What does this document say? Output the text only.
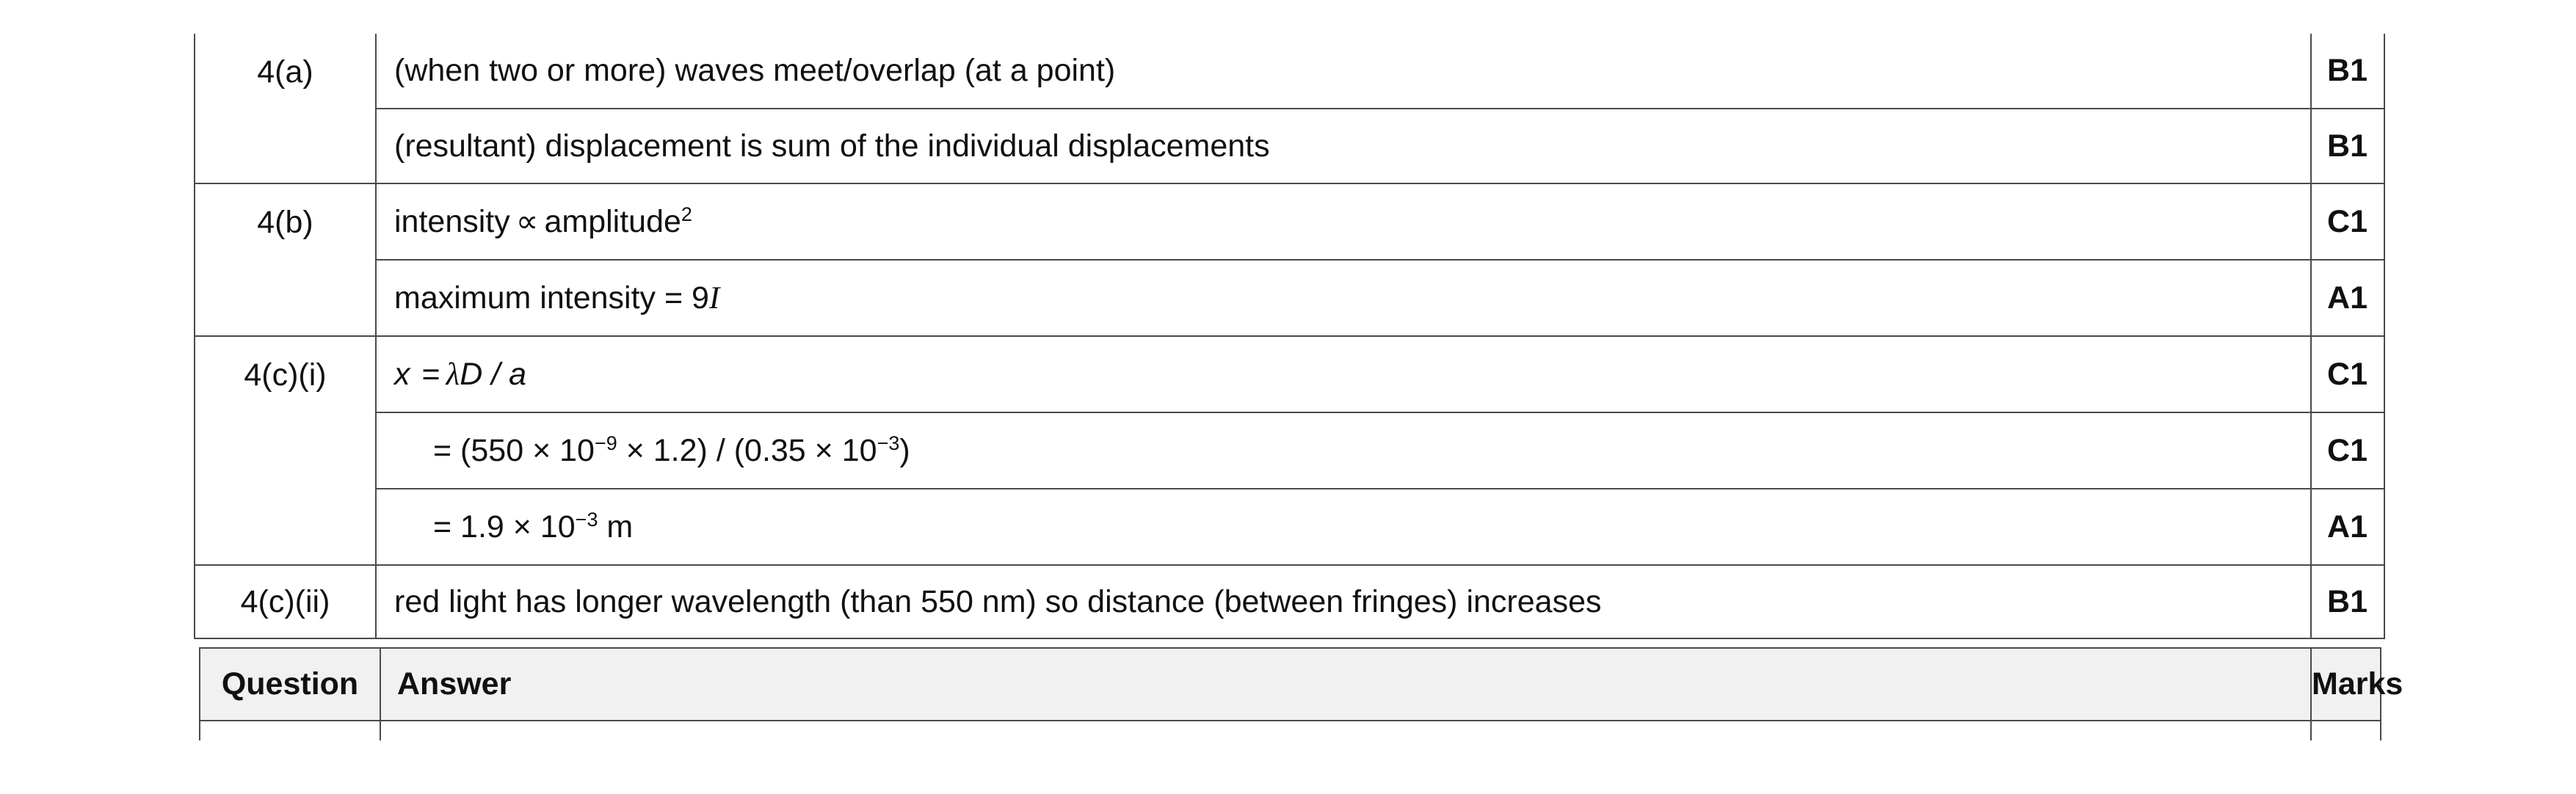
4(a)	(when two or more) waves meet/overlap (at a point)	B1
	(resultant) displacement is sum of the individual displacements	B1
4(b)	intensity ∝ amplitude$^2$	C1
	maximum intensity = 9I	A1
4(c)(i)	x = λD / a	C1
	= $(550 \times 10^{-9} \times 1.2) / (0.35 \times 10^{-3})$	C1
	= $1.9 \times 10^{-3}$ m	A1
4(c)(ii)	red light has longer wavelength (than 550 nm) so distance (between fringes) increases	B1
Question	Answer	Marks
